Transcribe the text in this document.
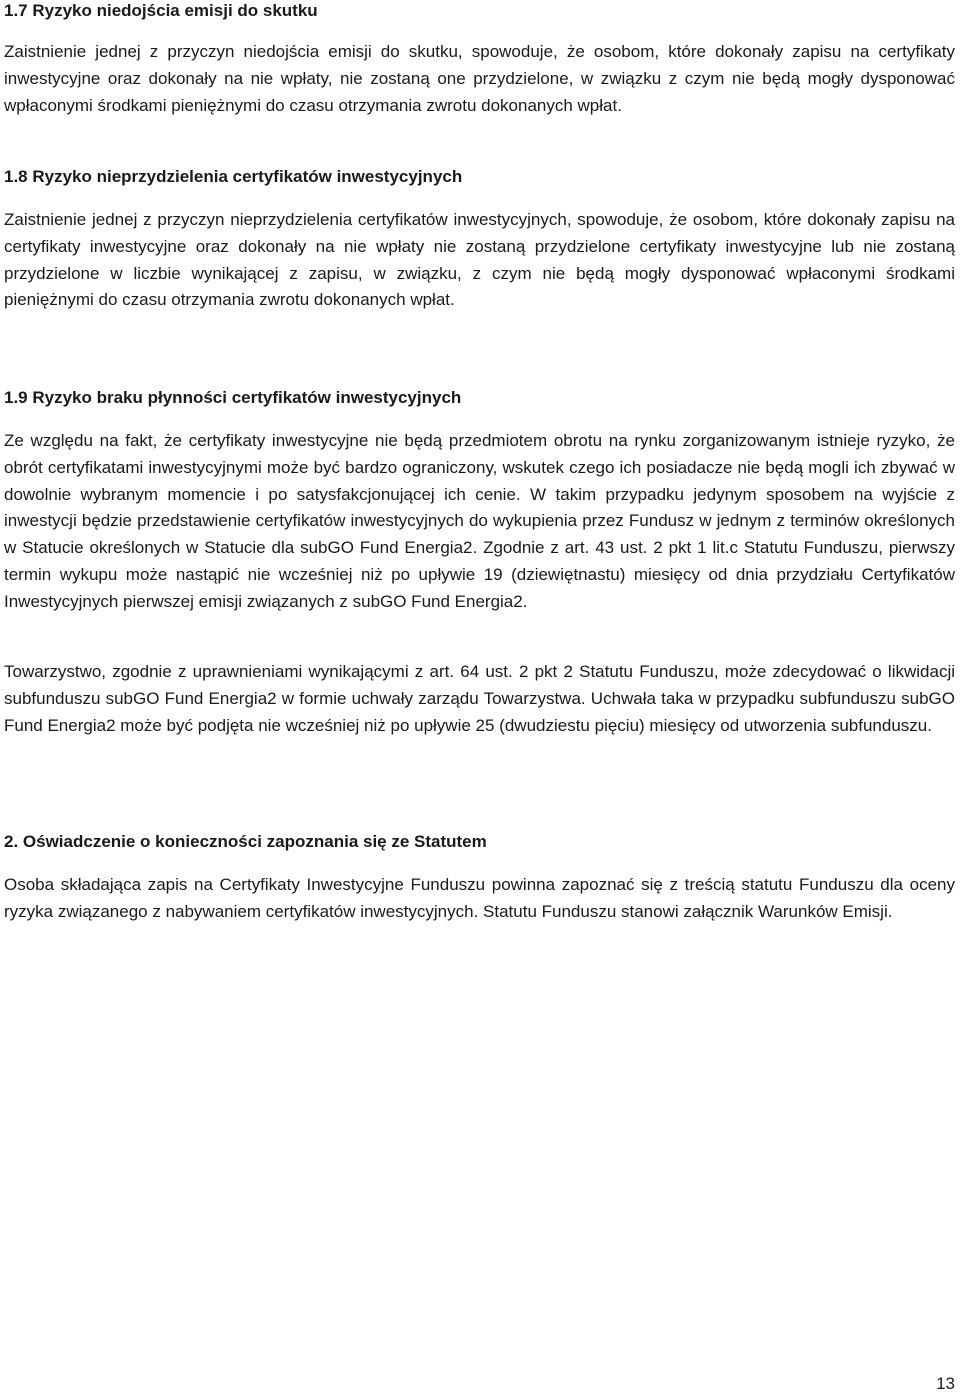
1.7 Ryzyko niedojścia emisji do skutku

Zaistnienie jednej z przyczyn niedojścia emisji do skutku, spowoduje, że osobom, które dokonały zapisu na certyfikaty inwestycyjne oraz dokonały na nie wpłaty, nie zostaną one przydzielone, w związku z czym nie będą mogły dysponować wpłaconymi środkami pieniężnymi do czasu otrzymania zwrotu dokonanych wpłat.

1.8 Ryzyko nieprzydzielenia certyfikatów inwestycyjnych

Zaistnienie jednej z przyczyn nieprzydzielenia certyfikatów inwestycyjnych, spowoduje, że osobom, które dokonały zapisu na certyfikaty inwestycyjne oraz dokonały na nie wpłaty nie zostaną przydzielone certyfikaty inwestycyjne lub nie zostaną przydzielone w liczbie wynikającej z zapisu, w związku, z czym nie będą mogły dysponować wpłaconymi środkami pieniężnymi do czasu otrzymania zwrotu dokonanych wpłat.

1.9 Ryzyko braku płynności certyfikatów inwestycyjnych

Ze względu na fakt, że certyfikaty inwestycyjne nie będą przedmiotem obrotu na rynku zorganizowanym istnieje ryzyko, że obrót certyfikatami inwestycyjnymi może być bardzo ograniczony, wskutek czego ich posiadacze nie będą mogli ich zbywać w dowolnie wybranym momencie i po satysfakcjonującej ich cenie. W takim przypadku jedynym sposobem na wyjście z inwestycji będzie przedstawienie certyfikatów inwestycyjnych do wykupienia przez Fundusz w jednym z terminów określonych w Statucie określonych w Statucie dla subGO Fund Energia2. Zgodnie z art. 43 ust. 2 pkt 1 lit.c Statutu Funduszu, pierwszy termin wykupu może nastąpić nie wcześniej niż po upływie 19 (dziewiętnastu) miesięcy od dnia przydziału Certyfikatów Inwestycyjnych pierwszej emisji związanych z subGO Fund Energia2.

Towarzystwo, zgodnie z uprawnieniami wynikającymi z art. 64 ust. 2 pkt 2 Statutu Funduszu, może zdecydować o likwidacji subfunduszu subGO Fund Energia2 w formie uchwały zarządu Towarzystwa. Uchwała taka w przypadku subfunduszu subGO Fund Energia2 może być podjęta nie wcześniej niż po upływie 25 (dwudziestu pięciu) miesięcy od utworzenia subfunduszu.

2. Oświadczenie o konieczności zapoznania się ze Statutem

Osoba składająca zapis na Certyfikaty Inwestycyjne Funduszu powinna zapoznać się z treścią statutu Funduszu dla oceny ryzyka związanego z nabywaniem certyfikatów inwestycyjnych. Statutu Funduszu stanowi załącznik Warunków Emisji.

13
